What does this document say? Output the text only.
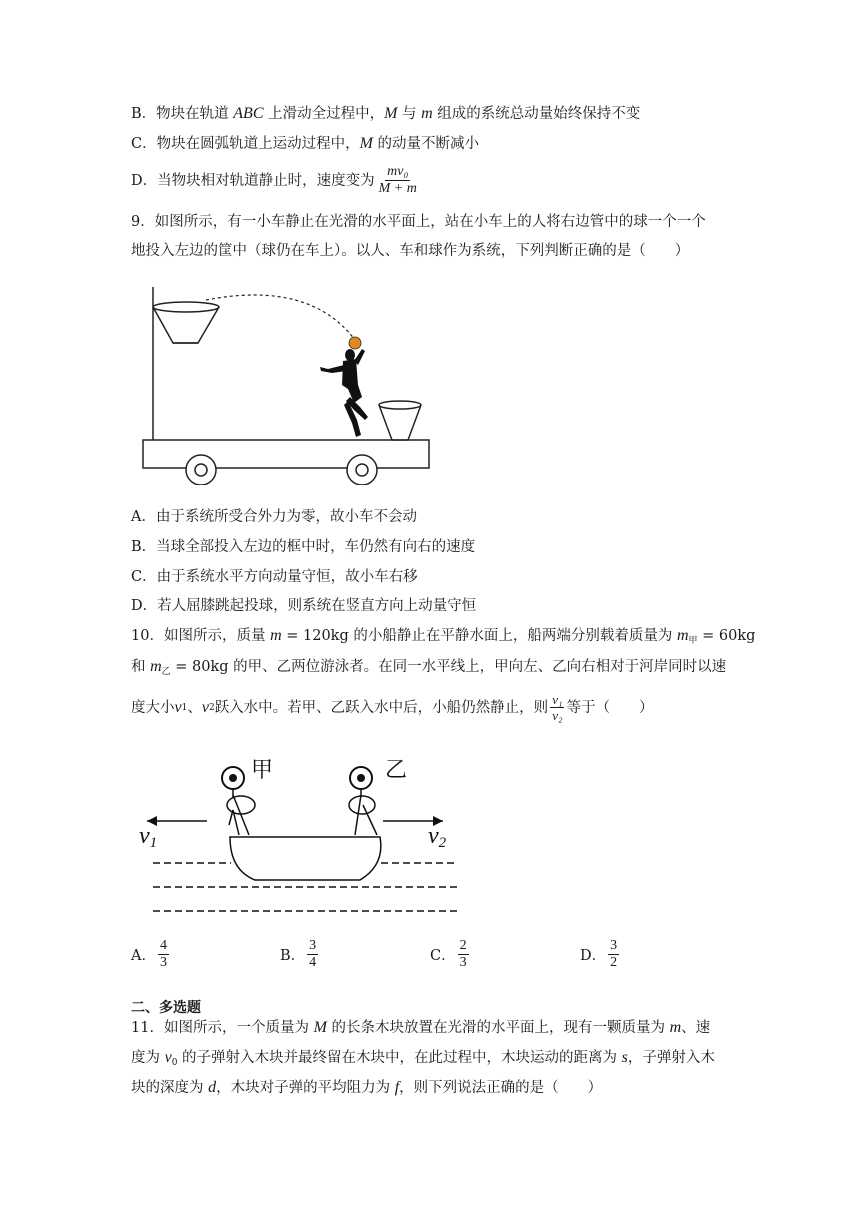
B．物块在轨道 ABC 上滑动全过程中，M 与 m 组成的系统总动量始终保持不变
C．物块在圆弧轨道上运动过程中，M 的动量不断减小
D．当物块相对轨道静止时，速度变为 $\frac{\text{mv₀}}{M + m}$
9．如图所示，有一小车静止在光滑的水平面上，站在小车上的人将右边管中的球一个一个
地投入左边的筐中（球仍在车上）。以人、车和球作为系统，下列判断正确的是（　　）
A．由于系统所受合外力为零，故小车不会动
B．当球全部投入左边的框中时，车仍然有向右的速度
C．由于系统水平方向动量守恒，故小车右移
D．若人屈膝跳起投球，则系统在竖直方向上动量守恒
10．如图所示，质量 m = 120kg 的小船静止在平静水面上，船两端分别载着质量为 $m_甲 = 60kg$
和 $m_乙 = 80kg$ 的甲、乙两位游泳者。在同一水平线上，甲向左、乙向右相对于河岸同时以速
度大小 v 1 、 v 2 跃入水中。若甲、乙跃入水中后，小船仍然静止，则 $\frac{\text{v₁}}{\text{v₂}}$ 等于（　　）
甲	乙
v1	v2
A． $\frac{4}{3}$	B． $\frac{3}{4}$	C． $\frac{2}{3}$	D． $\frac{3}{2}$
二、多选题
11．如图所示，一个质量为 M 的长条木块放置在光滑的水平面上，现有一颗质量为 m、速
度为 $v_0$ 的子弹射入木块并最终留在木块中，在此过程中，木块运动的距离为 s，子弹射入木
块的深度为 d，木块对子弹的平均阻力为 f，则下列说法正确的是（　　）
